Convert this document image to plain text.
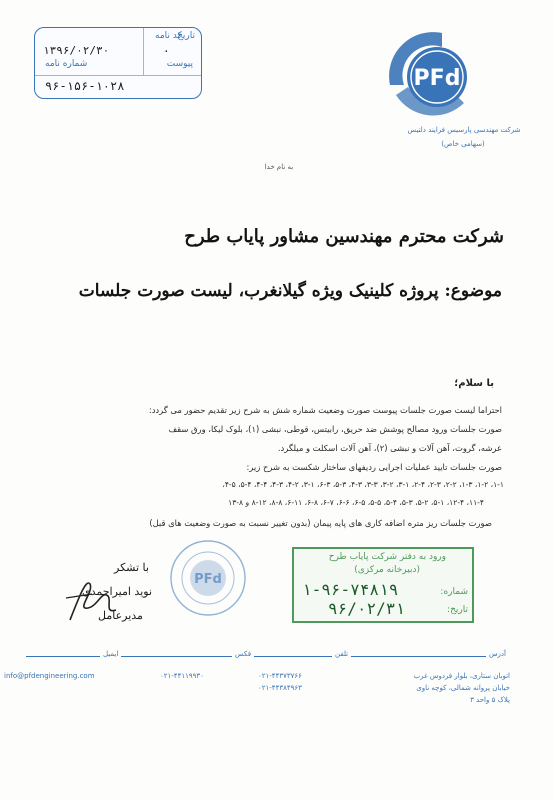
تاریخ
کد نامه
۱۳۹۶/۰۲/۳۰	.
پیوست
شماره نامه
۹۶-۱۵۶-۱۰۲۸	PFd
شرکت مهندسی پارسیس فرایند دلتیس
(سهامی خاص)
به نام خدا
شرکت محترم مهندسین مشاور پایاب طرح
موضوع: پروژه کلینیک ویژه گیلانغرب، لیست صورت جلسات
با سلام؛
احتراما لیست صورت جلسات پیوست صورت وضعیت شماره شش به شرح زیر تقدیم حضور می گردد:
صورت جلسات ورود مصالح پوشش ضد حریق، رابیتس، قوطی، نبشی (۱)، بلوک لیکا، ورق سقف
عرشه، گروت، آهن آلات و نبشی (۲)، آهن آلات اسکلت و میلگرد.
صورت جلسات تایید عملیات اجرایی ردیفهای ساختار شکست به شرح زیر:
۱-۱، ۱-۲، ۱-۳، ۲-۲، ۲-۳، ۲-۴، ۳-۱، ۳-۲، ۳-۳، ۴-۳، ۵-۳، ۶-۳، ۳-۱، ۴-۲، ۴-۳، ۴-۴، ۵-۴، ۴-۵،
۱۱-۴، ۱۲-۴، ۵-۱، ۵-۲، ۵-۳، ۵-۴، ۵-۵، ۶-۵، ۶-۶، ۶-۷، ۶-۸، ۶-۱۱، ۸-۸، ۸-۱۲ و ۸-۱۳
صورت جلسات ریز متره اضافه کاری های پایه پیمان (بدون تغییر نسبت به صورت وضعیت های قبل)
PFd
با تشکر
نوید امیراحمدی
مدیرعامل
ورود به دفتر شرکت پایاب طرح
(دبیرخانه مرکزی)
شماره:
۱-۹۶-۷۴۸۱۹
تاریخ:
۹۶/۰۲/۳۱
آدرس
تلفن
فکس
ایمیل
اتوبان ستاری، بلوار فردوس غرب
خیابان پروانه شمالی، کوچه ناوی
پلاک ۵ واحد ۳
۰۲۱-۴۴۳۷۳۷۶۶
۰۲۱-۴۴۳۸۴۹۶۳
۰۲۱-۴۴۱۱۹۹۳۰
info@pfdengineering.com
